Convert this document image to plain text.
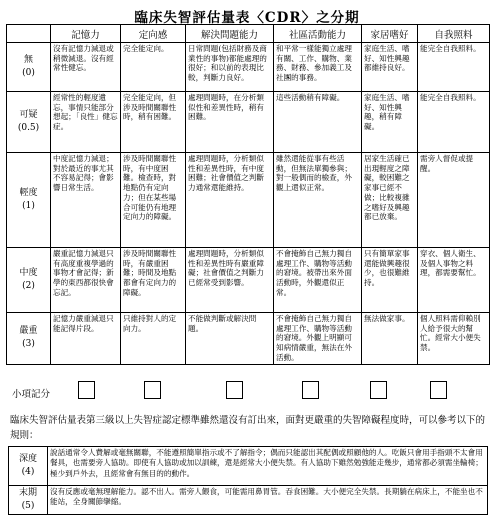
臨床失智評估量表〈CDR〉之分期
	記憶力	定向感	解決問題能力	社區活動能力	家居嗜好	自我照料

無
(0)	沒有記憶力減退或稍微減退。沒有經常性健忘。	完全能定向。	日常問題(包括財務及商業性的事物)都能處理的很好；和以前的表現比較，判斷力良好。	和平常一樣能獨立處理有關、工作、購物、業務、財務、參加義工及社團的事務。	家庭生活、嗜好、知性興趣都維持良好。	能完全自我照料。

可疑
(0.5)	經常性的輕度遺忘，事情只能部分想起；「良性」健忘症。	完全能定向，但涉及時間關聯性時，稍有困難。	處理問題時，在分析類似性和差異性時，稍有困難。	這些活動稍有障礙。	家庭生活、嗜好、知性興趣，稍有障礙。	能完全自我照料。

輕度
(1)	中度記憶力減退；對於最近的事尤其不容易記得；會影響日常生活。	涉及時間關聯性時，有中度困難。檢查時，對地點仍有定向力；但在某些場合可能仍有地理定向力的障礙。	處理問題時，分析類似性和差異性時，有中度困難；社會價值之判斷力通常還能維持。	雖然還能從事有些活動，但無法單獨參與；對一般偶而的檢查，外觀上還似正常。	居家生活確已出現輕度之障礙，較困難之家事已經不做；比較複雜之嗜好及興趣都已放棄。	需旁人督促或提醒。

中度
(2)	嚴重記憶力減退只有高度重複學過的事物才會記得；新學的東西都很快會忘記。	涉及時間關聯性時，有嚴重困難；時間及地點都會有定向力的障礙。	處理問題時，分析類似性和差異性時有嚴重障礙；社會價值之判斷力已經常受到影響。	不會掩飾自己無力獨自處理工作、購物等活動的窘境。被帶出來外面活動時，外觀還似正常。	只有簡單家事還能做興趣很少，也很難維持。	穿衣、個人衛生、及個人事物之料理，都需要幫忙。

嚴重
(3)	記憶力嚴重減退只能記得片段。	只維持對人的定向力。	不能做判斷或解決問題。	不會掩飾自己無力獨自處理工作、購物等活動的窘境。外觀上明顯可知病情嚴重，無法在外活動。	無法做家事。	個人照料需仰賴別人給予很大的幫忙。經常大小便失禁。
小項記分
臨床失智評估量表第三級以上失智症認定標準雖然還沒有訂出來，面對更嚴重的失智障礙程度時，可以參考以下的規則：
深度
(4)	說話通常令人費解或毫無關聯，不能遵照簡單指示或不了解指令；偶而只能認出其配偶或照顧他的人。吃飯只會用手指頭不太會用餐具，也需要旁人協助。即使有人協助或加以訓練，還是經常大小便失禁。有人協助下雖然勉強能走幾步，通常都必須需坐輪椅；極少到戶外去，且經常會有無目的的動作。

末期
(5)	沒有反應或毫無理解能力。認不出人。需旁人餵食，可能需用鼻胃管。吞食困難。大小便完全失禁。長期躺在病床上，不能坐也不能站，全身關節攣縮。
